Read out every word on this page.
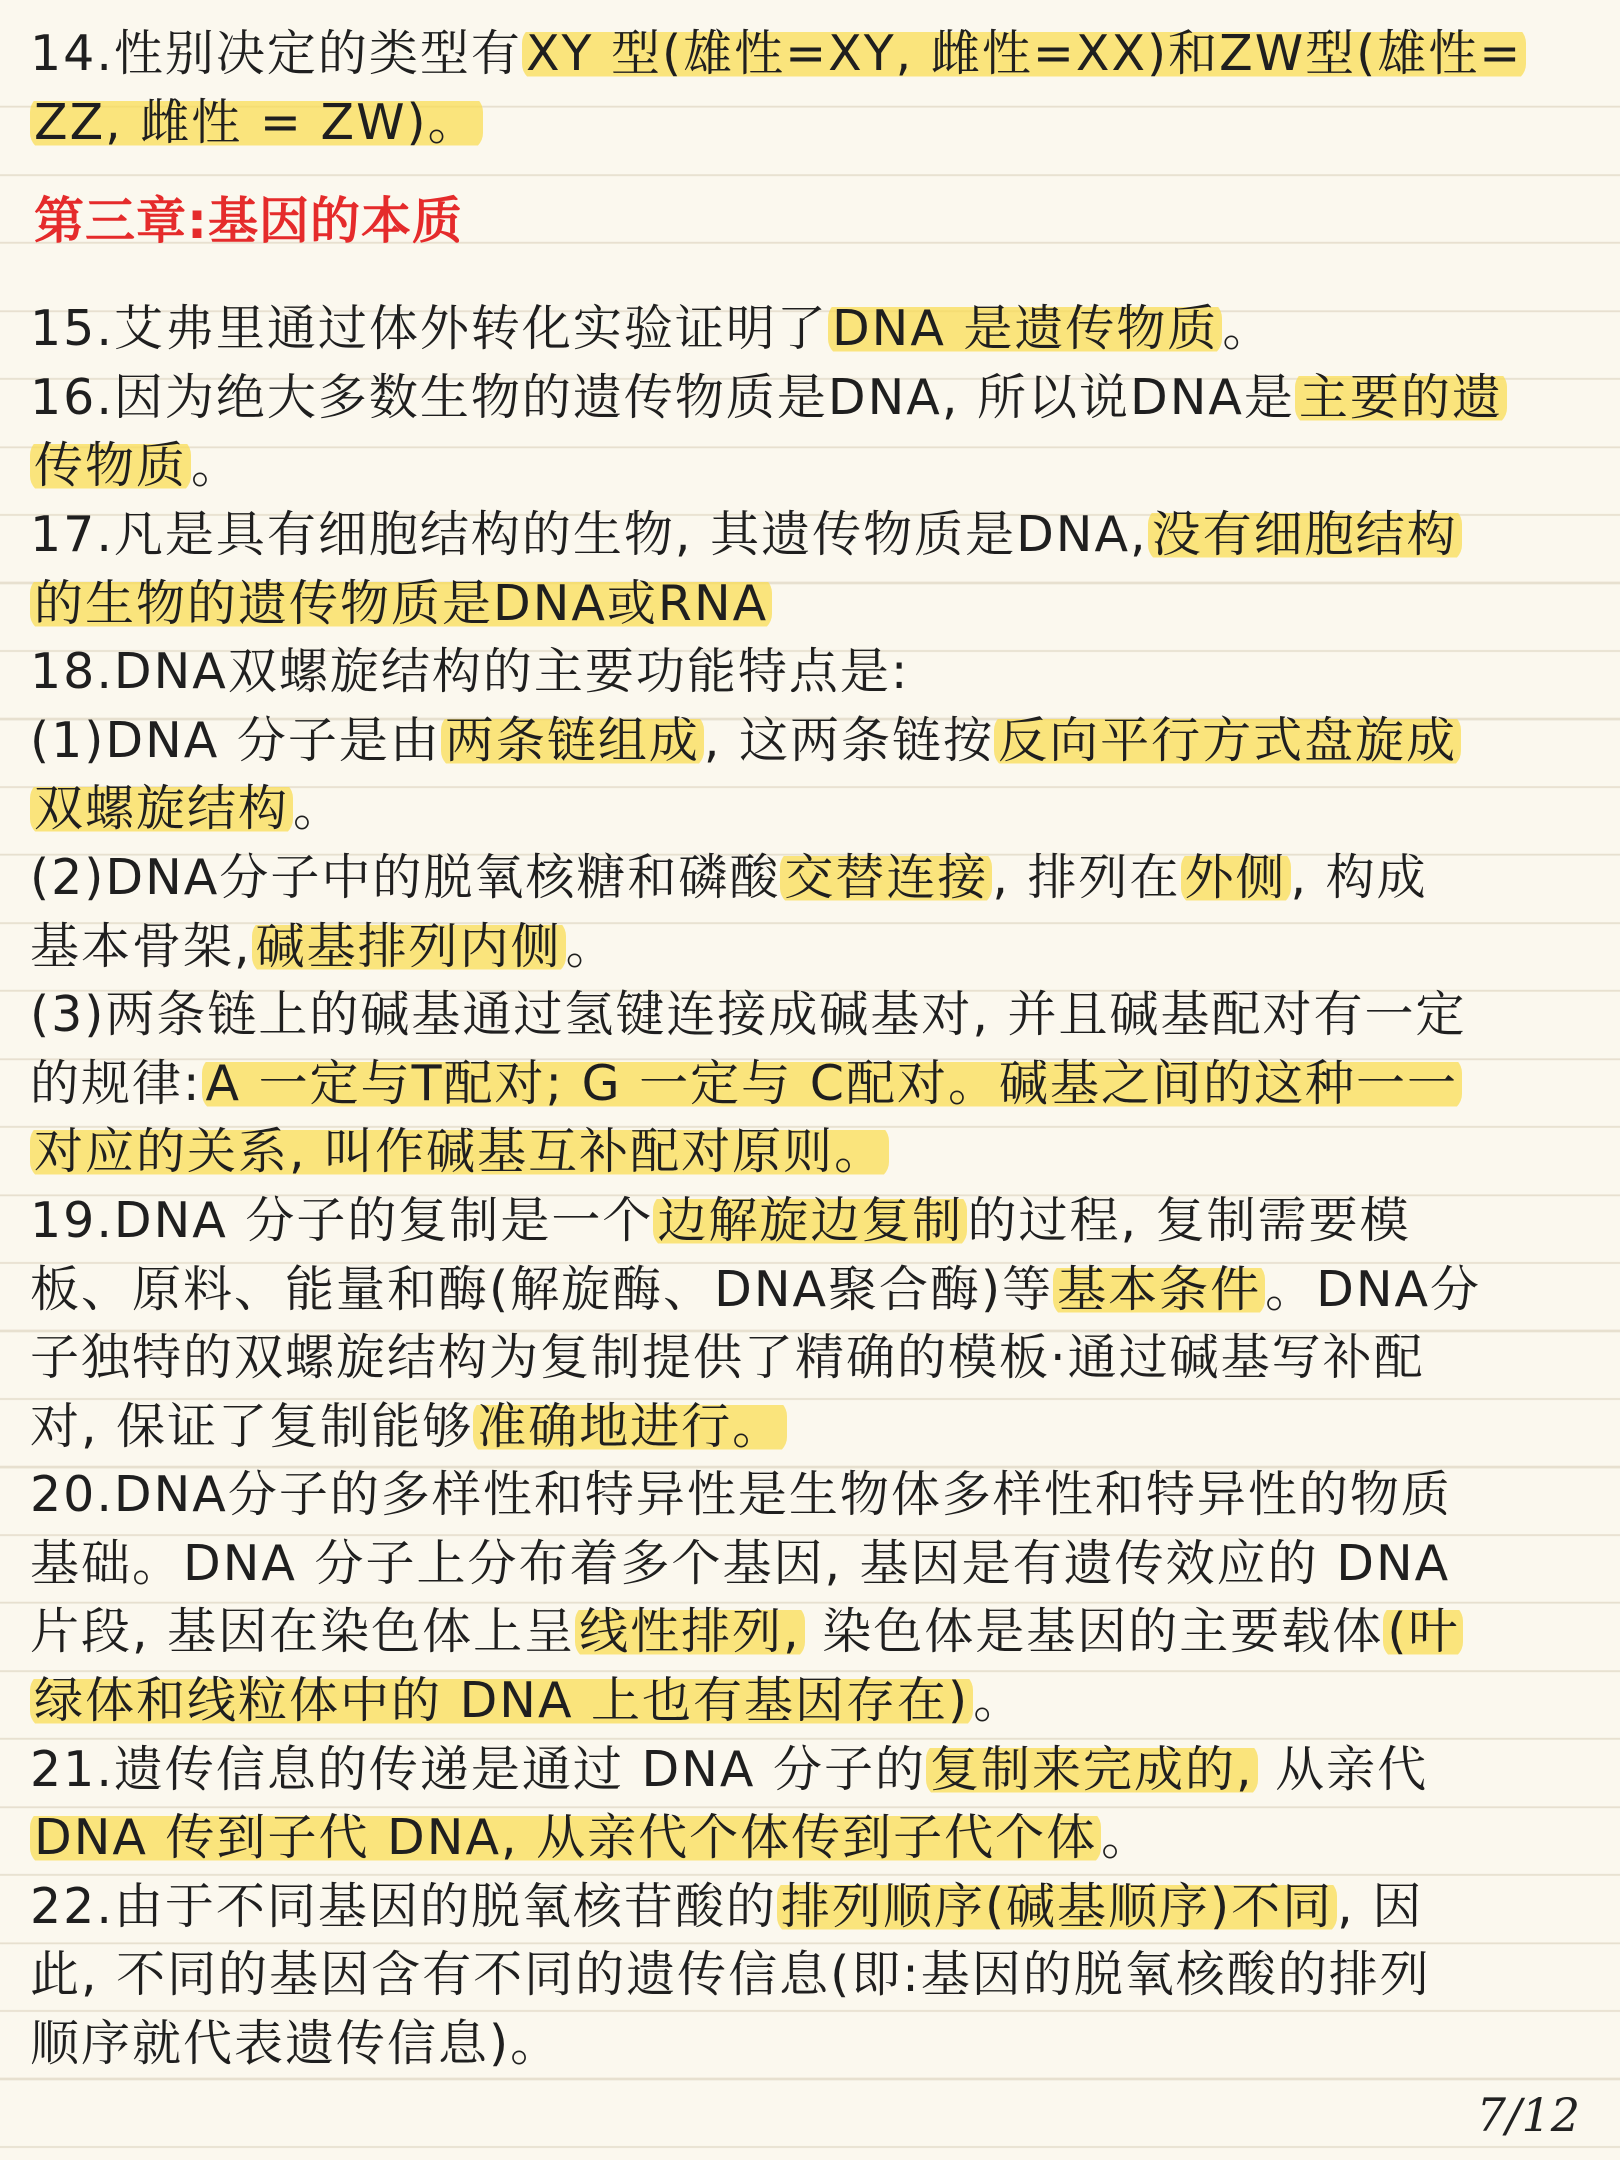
14.性别决定的类型有XY 型(雄性=XY, 雌性=XX)和ZW型(雄性=
ZZ, 雌性 = ZW)。
第三章:基因的本质
15.艾弗里通过体外转化实验证明了DNA 是遗传物质。
16.因为绝大多数生物的遗传物质是DNA, 所以说DNA是主要的遗
传物质。
17.凡是具有细胞结构的生物, 其遗传物质是DNA,没有细胞结构
的生物的遗传物质是DNA或RNA
18.DNA双螺旋结构的主要功能特点是:
(1)DNA 分子是由两条链组成, 这两条链按反向平行方式盘旋成
双螺旋结构。
(2)DNA分子中的脱氧核糖和磷酸交替连接, 排列在外侧, 构成
基本骨架,碱基排列内侧。
(3)两条链上的碱基通过氢键连接成碱基对, 并且碱基配对有一定
的规律:A 一定与T配对; G 一定与 C配对。碱基之间的这种一一
对应的关系, 叫作碱基互补配对原则。
19.DNA 分子的复制是一个边解旋边复制的过程, 复制需要模
板、原料、能量和酶(解旋酶、DNA聚合酶)等基本条件。DNA分
子独特的双螺旋结构为复制提供了精确的模板·通过碱基写补配
对, 保证了复制能够准确地进行。
20.DNA分子的多样性和特异性是生物体多样性和特异性的物质
基础。DNA 分子上分布着多个基因, 基因是有遗传效应的 DNA
片段, 基因在染色体上呈线性排列, 染色体是基因的主要载体(叶
绿体和线粒体中的 DNA 上也有基因存在)。
21.遗传信息的传递是通过 DNA 分子的复制来完成的, 从亲代
DNA 传到子代 DNA, 从亲代个体传到子代个体。
22.由于不同基因的脱氧核苷酸的排列顺序(碱基顺序)不同, 因
此, 不同的基因含有不同的遗传信息(即:基因的脱氧核酸的排列
顺序就代表遗传信息)。
7/12
